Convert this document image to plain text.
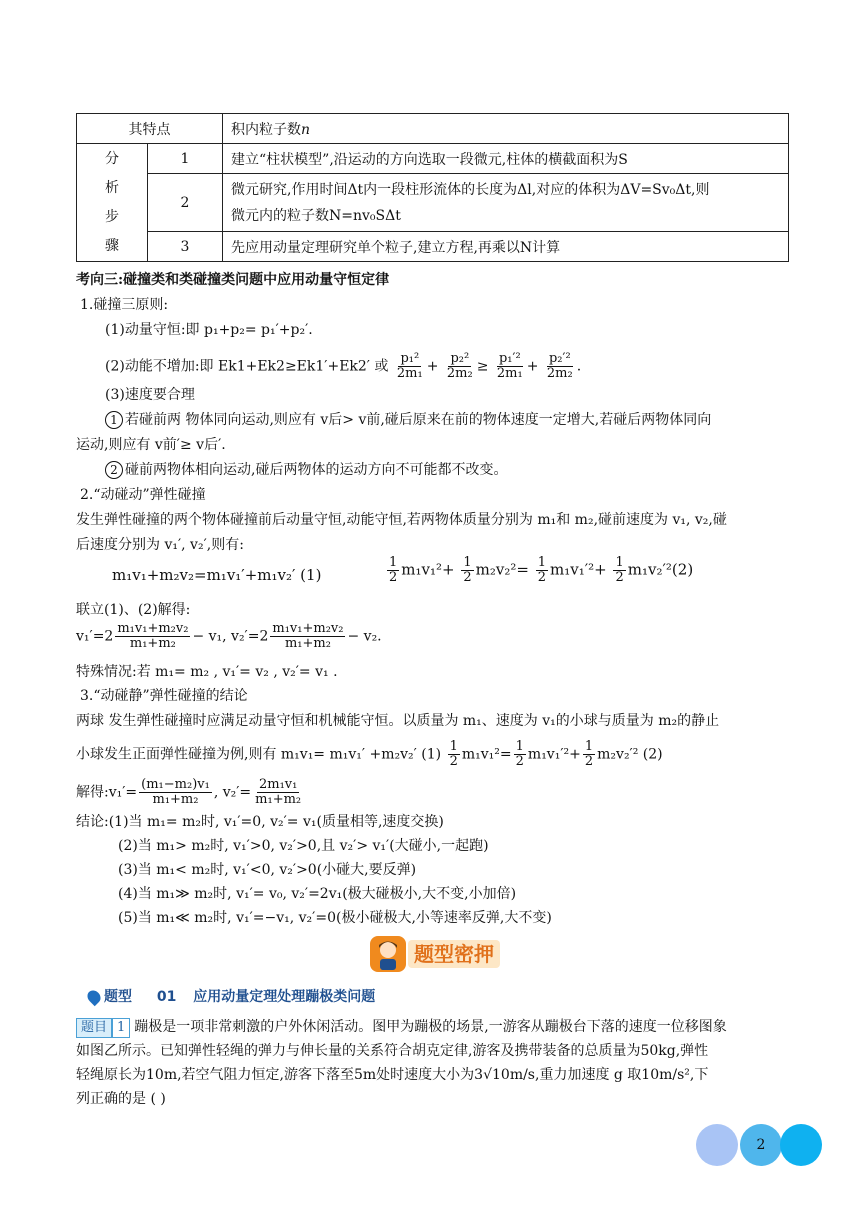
其特点		积内粒子数n

分
析
步
骤	1	建立“柱状模型”,沿运动的方向选取一段微元,柱体的横截面积为S
	2	微元研究,作用时间Δt内一段柱形流体的长度为Δl,对应的体积为ΔV=Sv₀Δt,则
微元内的粒子数N=nv₀SΔt

	3	先应用动量定理研究单个粒子,建立方程,再乘以N计算
考向三:碰撞类和类碰撞类问题中应用动量守恒定律
1.碰撞三原则:
(1)动量守恒:即 p₁+p₂= p₁′+p₂′.
(2)动能不增加:即 Ek1+Ek2≥Ek1′+Ek2′ 或 $\frac{\text{p₁²}}{\text{2m₁}} + \frac{\text{p₂²}}{\text{2m₂}} \ge \frac{\text{p₁′²}}{\text{2m₁}} + \frac{\text{p₂′²}}{\text{2m₂}}$ .
(3)速度要合理
1 若碰前两 物体同向运动,则应有 v后> v前,碰后原来在前的物体速度一定增大,若碰后两物体同向
运动,则应有 v前′≥ v后′.
2 碰前两物体相向运动,碰后两物体的运动方向不可能都不改变。
2.“动碰动”弹性碰撞
发生弹性碰撞的两个物体碰撞前后动量守恒,动能守恒,若两物体质量分别为 m₁和 m₂,碰前速度为 v₁, v₂,碰
后速度分别为 v₁′, v₂′,则有:
m₁v₁+m₂v₂=m₁v₁′+m₁v₂′ (1)	$\frac{1}{2} m_1v_1^2+ \frac{1}{2} m_2v_2^2= \frac{1}{2} m_1v_1'^2+ \frac{1}{2} m_1v_2'^2(2)$
联立(1)、(2)解得:
$v_1'=2 \frac{\text{m₁v₁+m₂v₂}}{\text{m₁+m₂}} - v_1$, $v_2'=2 \frac{\text{m₁v₁+m₂v₂}}{\text{m₁+m₂}} - v_2$.
特殊情况:若 m₁= m₂ , v₁′= v₂ , v₂′= v₁ .
3.“动碰静”弹性碰撞的结论
两球 发生弹性碰撞时应满足动量守恒和机械能守恒。以质量为 m₁、速度为 v₁的小球与质量为 m₂的静止
小球发生正面弹性碰撞为例,则有 m₁v₁= m₁v₁′ +m₂v₂′ $(1) \frac{1}{2} m_1v_1^2= \frac{1}{2} m_1v_1'^2+ \frac{1}{2} m_2v_2'^2$ (2)
解得:v₁′= $\frac{\text{(m₁−m₂)v₁}}{\text{m₁+m₂}}$ , $v_2'= \frac{\text{2m₁v₁}}{\text{m₁+m₂}}$
结论:(1)当 m₁= m₂时, v₁′=0, v₂′= v₁(质量相等,速度交换)
(2)当 m₁> m₂时, v₁′>0, v₂′>0,且 v₂′> v₁′(大碰小,一起跑)
(3)当 m₁< m₂时, v₁′<0, v₂′>0(小碰大,要反弹)
(4)当 m₁≫ m₂时, v₁′= v₀, v₂′=2v₁(极大碰极小,大不变,小加倍)
(5)当 m₁≪ m₂时, v₁′=−v₁, v₂′=0(极小碰极大,小等速率反弹,大不变)
题型密押
题型 01 应用动量定理处理蹦极类问题
题目 1 蹦极是一项非常刺激的户外休闲活动。图甲为蹦极的场景,一游客从蹦极台下落的速度一位移图象
如图乙所示。已知弹性轻绳的弹力与伸长量的关系符合胡克定律,游客及携带装备的总质量为50kg,弹性
轻绳原长为10m,若空气阻力恒定,游客下落至5m处时速度大小为3√10m/s,重力加速度 g 取10m/s²,下
列正确的是 ( )
2
